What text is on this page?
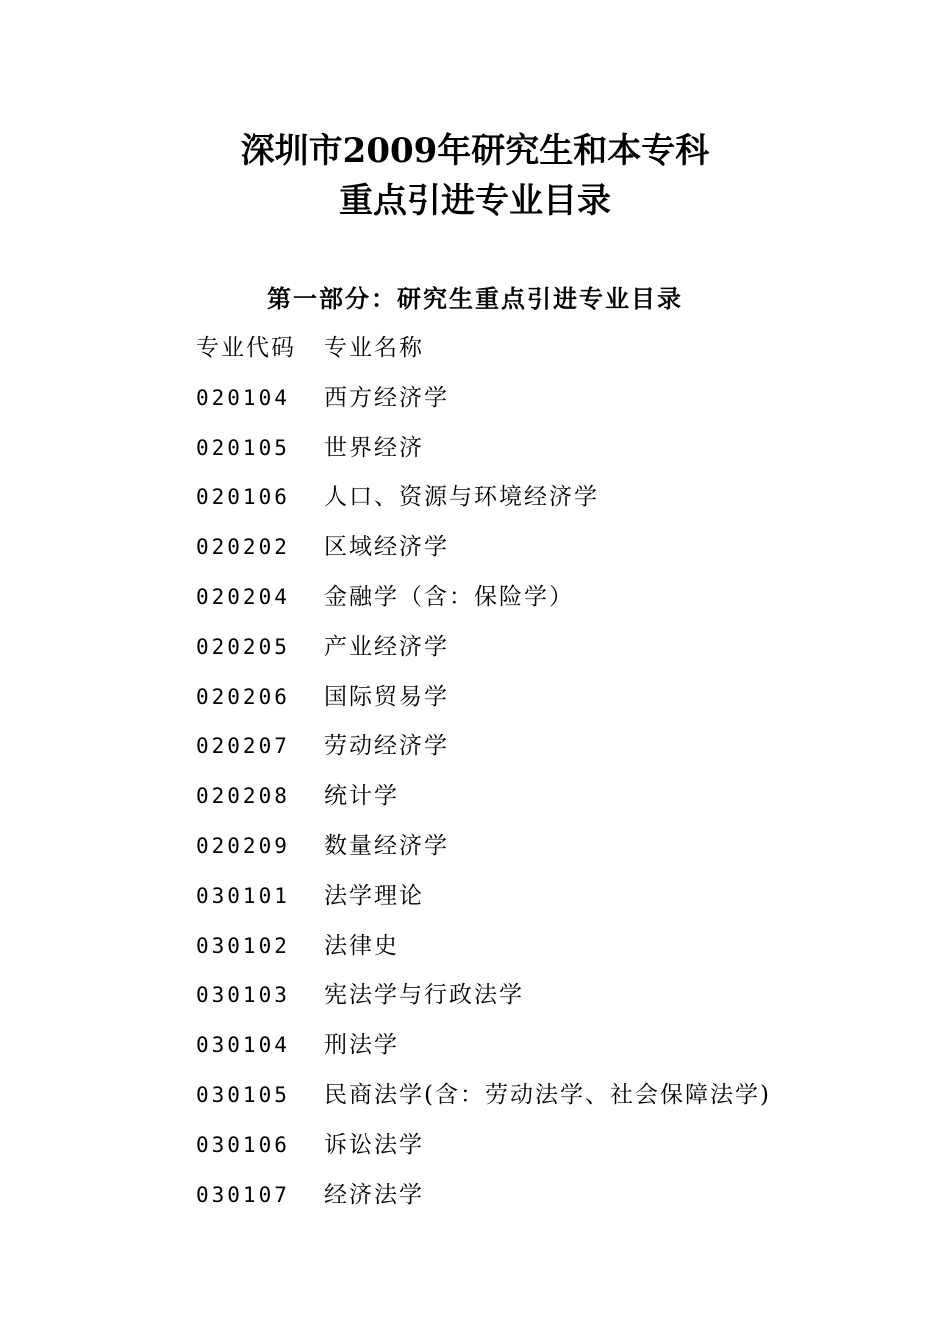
深圳市2009年研究生和本专科
重点引进专业目录
第一部分：研究生重点引进专业目录
专业代码 专业名称
020104 西方经济学
020105 世界经济
020106 人口、资源与环境经济学
020202 区域经济学
020204 金融学（含：保险学）
020205 产业经济学
020206 国际贸易学
020207 劳动经济学
020208 统计学
020209 数量经济学
030101 法学理论
030102 法律史
030103 宪法学与行政法学
030104 刑法学
030105 民商法学(含：劳动法学、社会保障法学)
030106 诉讼法学
030107 经济法学
